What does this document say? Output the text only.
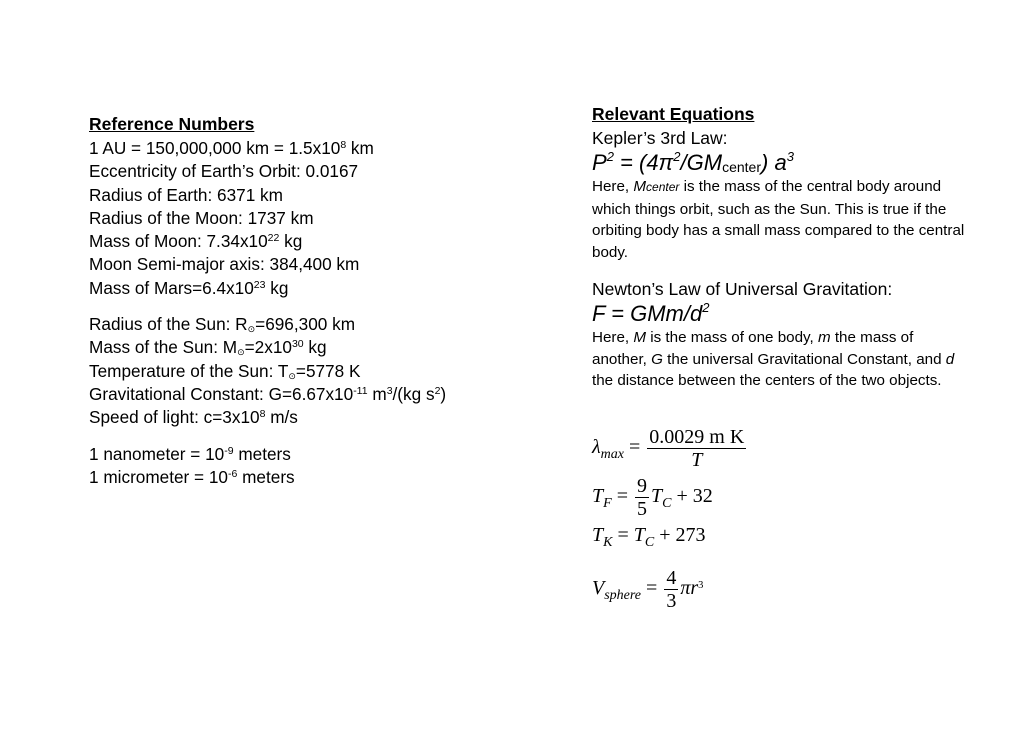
Reference Numbers
1 AU = 150,000,000 km = $1.5x10^8$ km
Eccentricity of Earth’s Orbit: 0.0167
Radius of Earth: 6371 km
Radius of the Moon: 1737 km
Mass of Moon: $7.34x10^{22}$ kg
Moon Semi-major axis: 384,400 km
Mass of $Mars=6.4x10^{23}$ kg
Radius of the Sun: R⊙=696,300 km
Mass of the Sun: $M⊙=2x10^{30}$ kg
Temperature of the Sun: T⊙=5778 K
Gravitational Constant: $G=6.67x10^{-11}$ $m^3/(kg$ $s^2$)
Speed of light: $c=3x10^8$ m/s
1 nanometer = $10^{-9}$ meters
1 micrometer = $10^{-6}$ meters
Relevant Equations
Kepler’s 3rd Law:
$P^2$ = $(4\pi^2/GMcenter)$ $a^3$
Here, Mcenter is the mass of the central body around which things orbit, such as the Sun. This is true if the orbiting body has a small mass compared to the central body.
Newton’s Law of Universal Gravitation:
F = GMm/$d^2$
Here, M is the mass of one body, m the mass of another, G the universal Gravitational Constant, and d the distance between the centers of the two objects.
$\lambda_{max} = \frac{\text{0.0029 m K}}{T}$
$T_F = \frac{9}{5} T_C + 32$
$T_K = T_C + 273$
$V_{sphere} = \frac{4}{3} \pi r^3$
